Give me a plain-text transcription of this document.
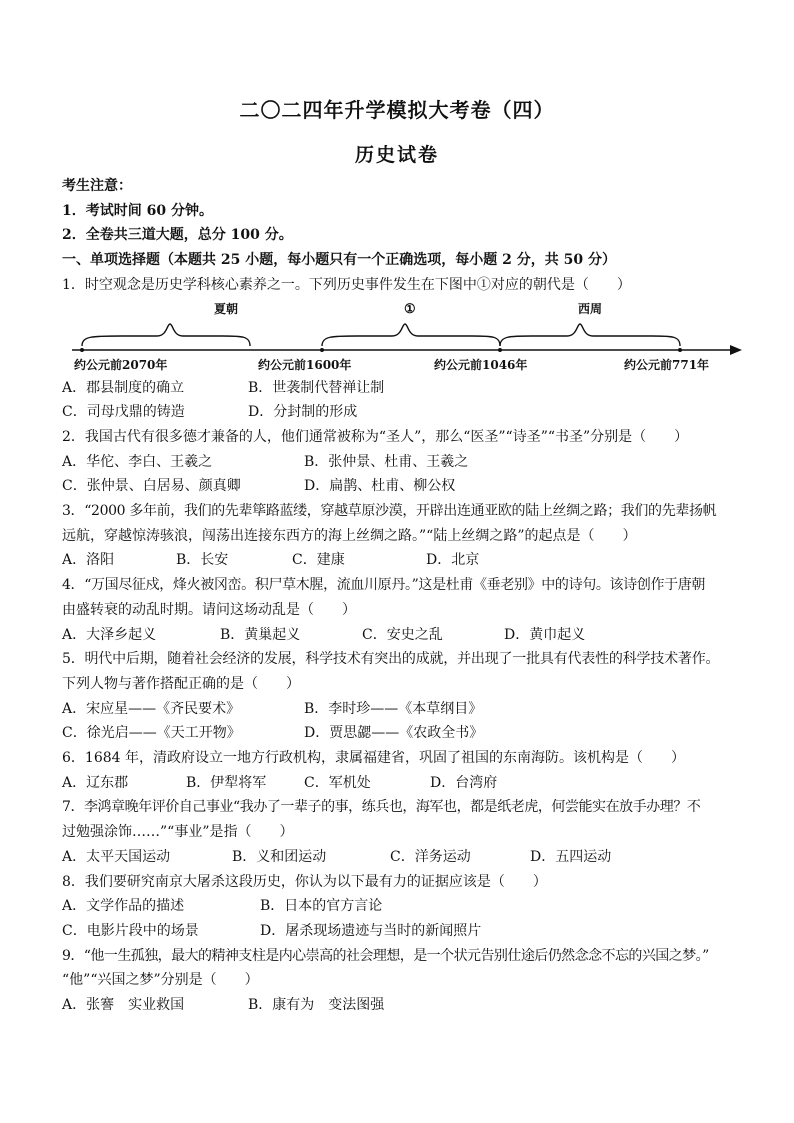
二〇二四年升学模拟大考卷（四）
历史试卷
考生注意：
1．考试时间 60 分钟。
2．全卷共三道大题，总分 100 分。
一、单项选择题（本题共 25 小题，每小题只有一个正确选项，每小题 2 分，共 50 分）
1．时空观念是历史学科核心素养之一。下列历史事件发生在下图中①对应的朝代是（　　）
夏朝	①	西周
约公元前2070年	约公元前1600年	约公元前1046年	约公元前771年
A．郡县制度的确立	B．世袭制代替禅让制
C．司母戊鼎的铸造	D．分封制的形成
2．我国古代有很多德才兼备的人，他们通常被称为“圣人”，那么“医圣”“诗圣”“书圣”分别是（　　）
A．华佗、李白、王羲之	B．张仲景、杜甫、王羲之
C．张仲景、白居易、颜真卿	D．扁鹊、杜甫、柳公权
3．“2000 多年前，我们的先辈筚路蓝缕，穿越草原沙漠，开辟出连通亚欧的陆上丝绸之路；我们的先辈扬帆
远航，穿越惊涛骇浪，闯荡出连接东西方的海上丝绸之路。”“陆上丝绸之路”的起点是（　　）
A．洛阳	B．长安	C．建康	D．北京
4．“万国尽征戍，烽火被冈峦。积尸草木腥，流血川原丹。”这是杜甫《垂老别》中的诗句。该诗创作于唐朝
由盛转衰的动乱时期。请问这场动乱是（　　）
A．大泽乡起义	B．黄巢起义	C．安史之乱	D．黄巾起义
5．明代中后期，随着社会经济的发展，科学技术有突出的成就，并出现了一批具有代表性的科学技术著作。
下列人物与著作搭配正确的是（　　）
A．宋应星——《齐民要术》	B．李时珍——《本草纲目》
C．徐光启——《天工开物》	D．贾思勰——《农政全书》
6．1684 年，清政府设立一地方行政机构，隶属福建省，巩固了祖国的东南海防。该机构是（　　）
A．辽东郡	B．伊犁将军	C．军机处	D．台湾府
7．李鸿章晚年评价自己事业“我办了一辈子的事，练兵也，海军也，都是纸老虎，何尝能实在放手办理？不
过勉强涂饰……”“事业”是指（　　）
A．太平天国运动	B．义和团运动	C．洋务运动	D．五四运动
8．我们要研究南京大屠杀这段历史，你认为以下最有力的证据应该是（　　）
A．文学作品的描述	B．日本的官方言论
C．电影片段中的场景	D．屠杀现场遗迹与当时的新闻照片
9．“他一生孤独，最大的精神支柱是内心崇高的社会理想，是一个状元告别仕途后仍然念念不忘的兴国之梦。”
“他”“兴国之梦”分别是（　　）
A．张謇　实业救国	B．康有为　变法图强
